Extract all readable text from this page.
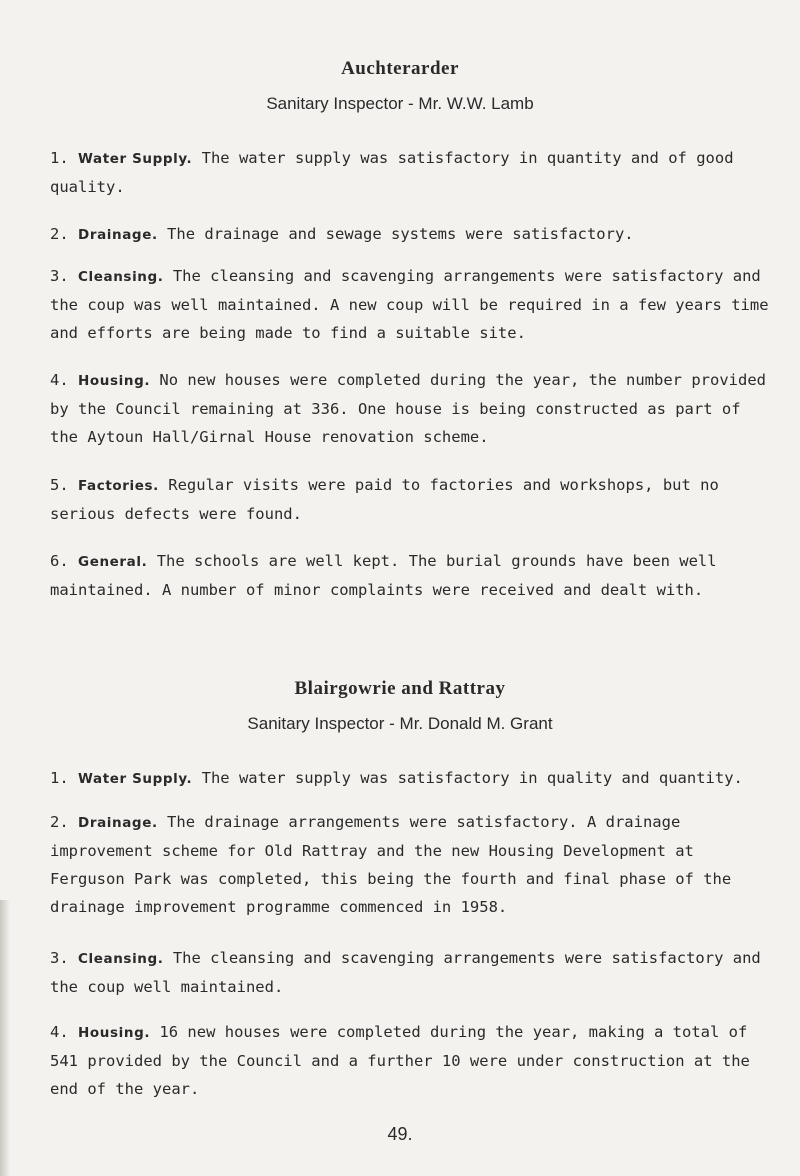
Auchterarder

Sanitary Inspector - Mr. W.W. Lamb

1. Water Supply. The water supply was satisfactory in quantity and of good quality.

2. Drainage. The drainage and sewage systems were satisfactory.

3. Cleansing. The cleansing and scavenging arrangements were satisfactory and the coup was well maintained. A new coup will be required in a few years time and efforts are being made to find a suitable site.

4. Housing. No new houses were completed during the year, the number provided by the Council remaining at 336. One house is being constructed as part of the Aytoun Hall/Girnal House renovation scheme.

5. Factories. Regular visits were paid to factories and workshops, but no serious defects were found.

6. General. The schools are well kept. The burial grounds have been well maintained. A number of minor complaints were received and dealt with.

Blairgowrie and Rattray

Sanitary Inspector - Mr. Donald M. Grant

1. Water Supply. The water supply was satisfactory in quality and quantity.

2. Drainage. The drainage arrangements were satisfactory. A drainage improvement scheme for Old Rattray and the new Housing Development at Ferguson Park was completed, this being the fourth and final phase of the drainage improvement programme commenced in 1958.

3. Cleansing. The cleansing and scavenging arrangements were satisfactory and the coup well maintained.

4. Housing. 16 new houses were completed during the year, making a total of 541 provided by the Council and a further 10 were under construction at the end of the year.

49.
